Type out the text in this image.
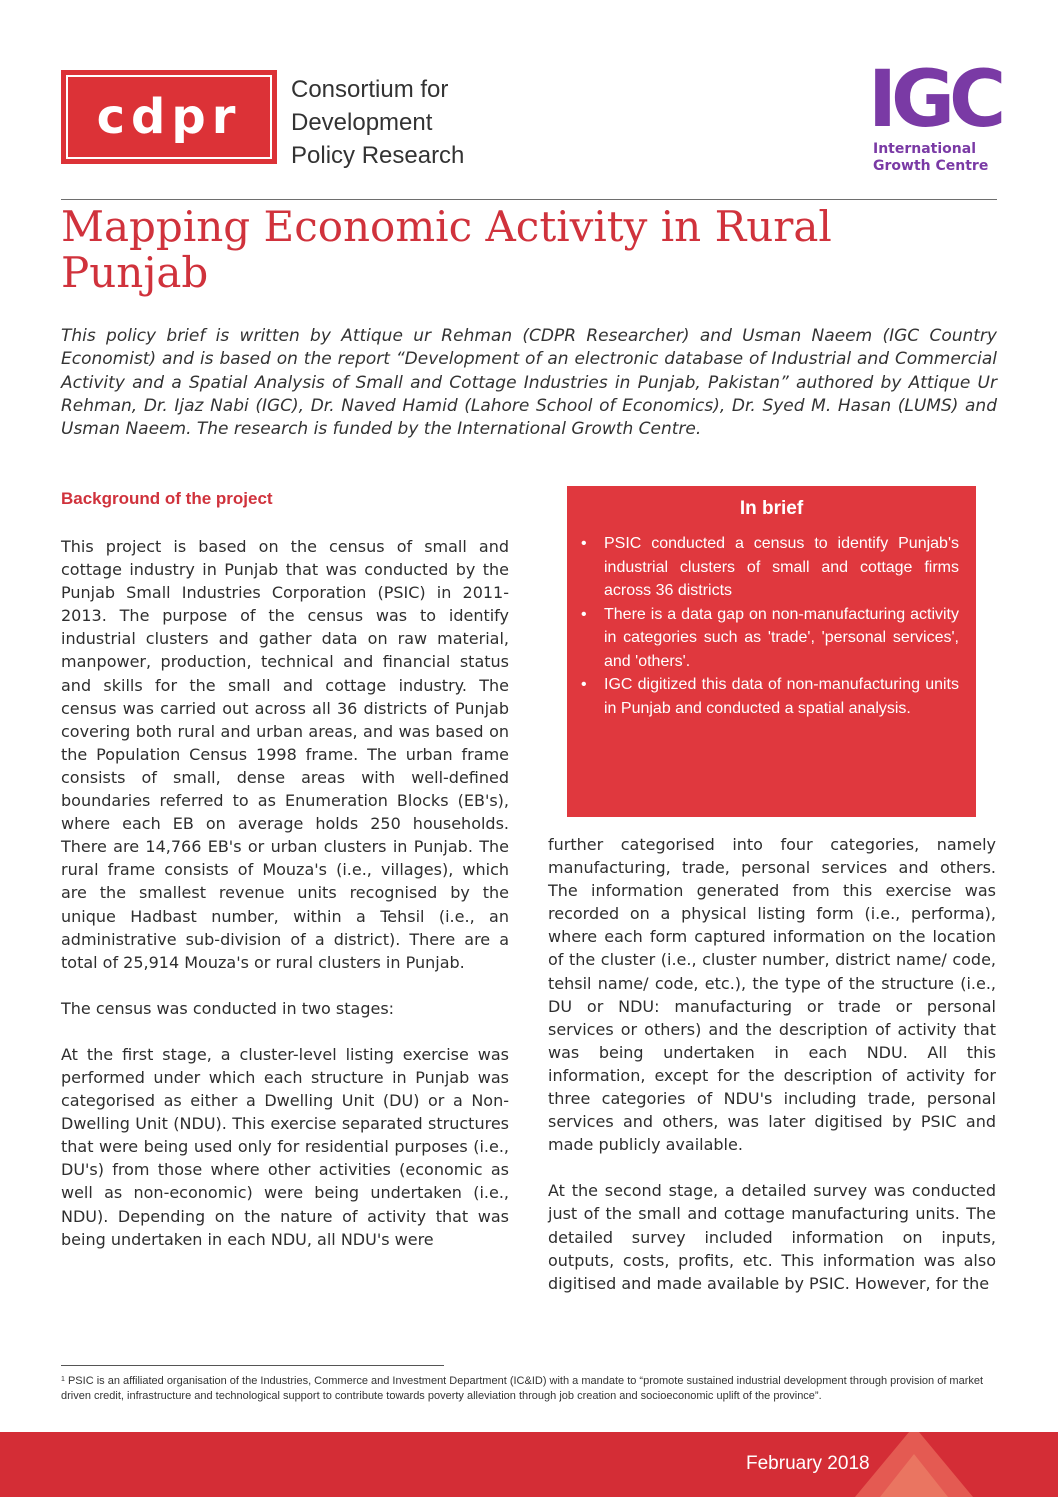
cdpr Consortium for
Development
Policy Research
IGC
International
Growth Centre
Mapping Economic Activity in Rural
Punjab
This policy brief is written by Attique ur Rehman (CDPR Researcher) and Usman Naeem (IGC Country Economist) and is based on the report “Development of an electronic database of Industrial and Commercial Activity and a Spatial Analysis of Small and Cottage Industries in Punjab, Pakistan” authored by Attique Ur Rehman, Dr. Ijaz Nabi (IGC), Dr. Naved Hamid (Lahore School of Economics), Dr. Syed M. Hasan (LUMS) and Usman Naeem. The research is funded by the International Growth Centre.
Background of the project

This project is based on the census of small and cottage industry in Punjab that was conducted by the Punjab Small Industries Corporation (PSIC) in 2011-2013. The purpose of the census was to identify industrial clusters and gather data on raw material, manpower, production, technical and financial status and skills for the small and cottage industry. The census was carried out across all 36 districts of Punjab covering both rural and urban areas, and was based on the Population Census 1998 frame. The urban frame consists of small, dense areas with well-defined boundaries referred to as Enumeration Blocks (EB's), where each EB on average holds 250 households. There are 14,766 EB's or urban clusters in Punjab. The rural frame consists of Mouza's (i.e., villages), which are the smallest revenue units recognised by the unique Hadbast number, within a Tehsil (i.e., an administrative sub-division of a district). There are a total of 25,914 Mouza's or rural clusters in Punjab.

The census was conducted in two stages:

At the first stage, a cluster-level listing exercise was performed under which each structure in Punjab was categorised as either a Dwelling Unit (DU) or a Non-Dwelling Unit (NDU). This exercise separated structures that were being used only for residential purposes (i.e., DU's) from those where other activities (economic as well as non-economic) were being undertaken (i.e., NDU). Depending on the nature of activity that was being undertaken in each NDU, all NDU's were

In brief
• PSIC conducted a census to identify Punjab's industrial clusters of small and cottage firms across 36 districts
• There is a data gap on non-manufacturing activity in categories such as 'trade', 'personal services', and 'others'.
• IGC digitized this data of non-manufacturing units in Punjab and conducted a spatial analysis.

further categorised into four categories, namely manufacturing, trade, personal services and others. The information generated from this exercise was recorded on a physical listing form (i.e., performa), where each form captured information on the location of the cluster (i.e., cluster number, district name/ code, tehsil name/ code, etc.), the type of the structure (i.e., DU or NDU: manufacturing or trade or personal services or others) and the description of activity that was being undertaken in each NDU. All this information, except for the description of activity for three categories of NDU's including trade, personal services and others, was later digitised by PSIC and made publicly available.

At the second stage, a detailed survey was conducted just of the small and cottage manufacturing units. The detailed survey included information on inputs, outputs, costs, profits, etc. This information was also digitised and made available by PSIC. However, for the

$^1$ PSIC is an affiliated organisation of the Industries, Commerce and Investment Department (IC&ID) with a mandate to “promote sustained industrial development through provision of market driven credit, infrastructure and technological support to contribute towards poverty alleviation through job creation and socioeconomic uplift of the province”.
February 2018
